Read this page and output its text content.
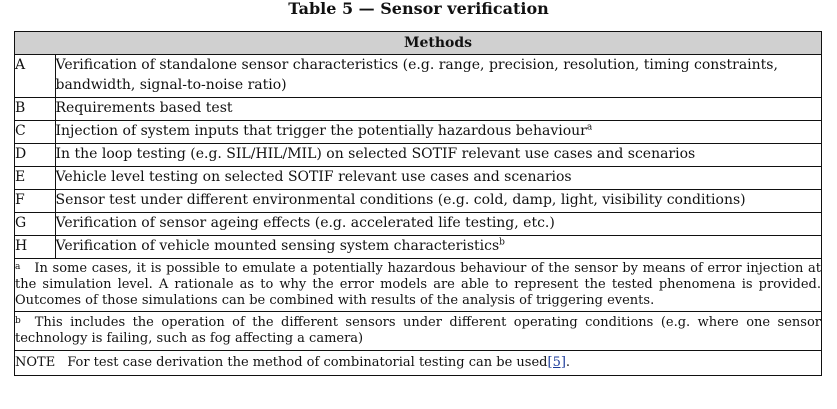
Table 5 — Sensor verification
	Methods
A	Verification of standalone sensor characteristics (e.g. range, precision, resolution, timing constraints, bandwidth, signal-to-noise ratio)
B	Requirements based test
C	Injection of system inputs that trigger the potentially hazardous behaviour$^a$
D	In the loop testing (e.g. SIL/HIL/MIL) on selected SOTIF relevant use cases and scenarios
E	Vehicle level testing on selected SOTIF relevant use cases and scenarios
F	Sensor test under different environmental conditions (e.g. cold, damp, light, visibility conditions)
G	Verification of sensor ageing effects (e.g. accelerated life testing, etc.)
H	Verification of vehicle mounted sensing system characteristics$^b$
a In some cases, it is possible to emulate a potentially hazardous behaviour of the sensor by means of error injection at the simulation level. A rationale as to why the error models are able to represent the tested phenomena is provided. Outcomes of those simulations can be combined with results of the analysis of triggering events.	
b This includes the operation of the different sensors under different operating conditions (e.g. where one sensor technology is failing, such as fog affecting a camera)	
NOTE For test case derivation the method of combinatorial testing can be used[5].	
